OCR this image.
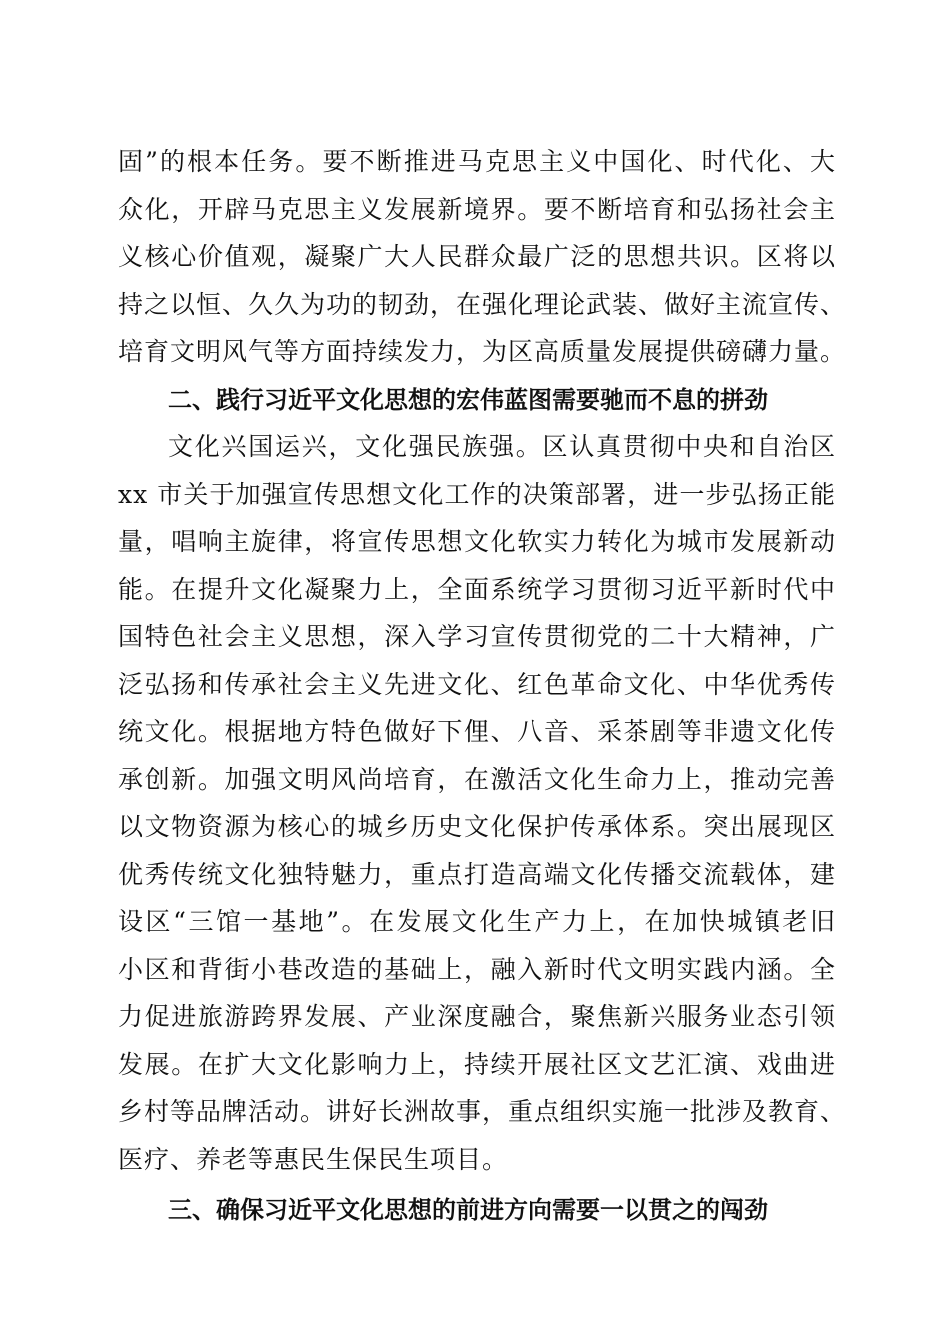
固”的根本任务。要不断推进马克思主义中国化、时代化、大
众化，开辟马克思主义发展新境界。要不断培育和弘扬社会主
义核心价值观，凝聚广大人民群众最广泛的思想共识。区将以
持之以恒、久久为功的韧劲，在强化理论武装、做好主流宣传、
培育文明风气等方面持续发力，为区高质量发展提供磅礴力量。
二、践行习近平文化思想的宏伟蓝图需要驰而不息的拼劲
文化兴国运兴，文化强民族强。区认真贯彻中央和自治区
xx 市关于加强宣传思想文化工作的决策部署，进一步弘扬正能
量，唱响主旋律，将宣传思想文化软实力转化为城市发展新动
能。在提升文化凝聚力上，全面系统学习贯彻习近平新时代中
国特色社会主义思想，深入学习宣传贯彻党的二十大精神，广
泛弘扬和传承社会主义先进文化、红色革命文化、中华优秀传
统文化。根据地方特色做好下俚、八音、采茶剧等非遗文化传
承创新。加强文明风尚培育，在激活文化生命力上，推动完善
以文物资源为核心的城乡历史文化保护传承体系。突出展现区
优秀传统文化独特魅力，重点打造高端文化传播交流载体，建
设区“三馆一基地”。在发展文化生产力上，在加快城镇老旧
小区和背街小巷改造的基础上，融入新时代文明实践内涵。全
力促进旅游跨界发展、产业深度融合，聚焦新兴服务业态引领
发展。在扩大文化影响力上，持续开展社区文艺汇演、戏曲进
乡村等品牌活动。讲好长洲故事，重点组织实施一批涉及教育、
医疗、养老等惠民生保民生项目。
三、确保习近平文化思想的前进方向需要一以贯之的闯劲
